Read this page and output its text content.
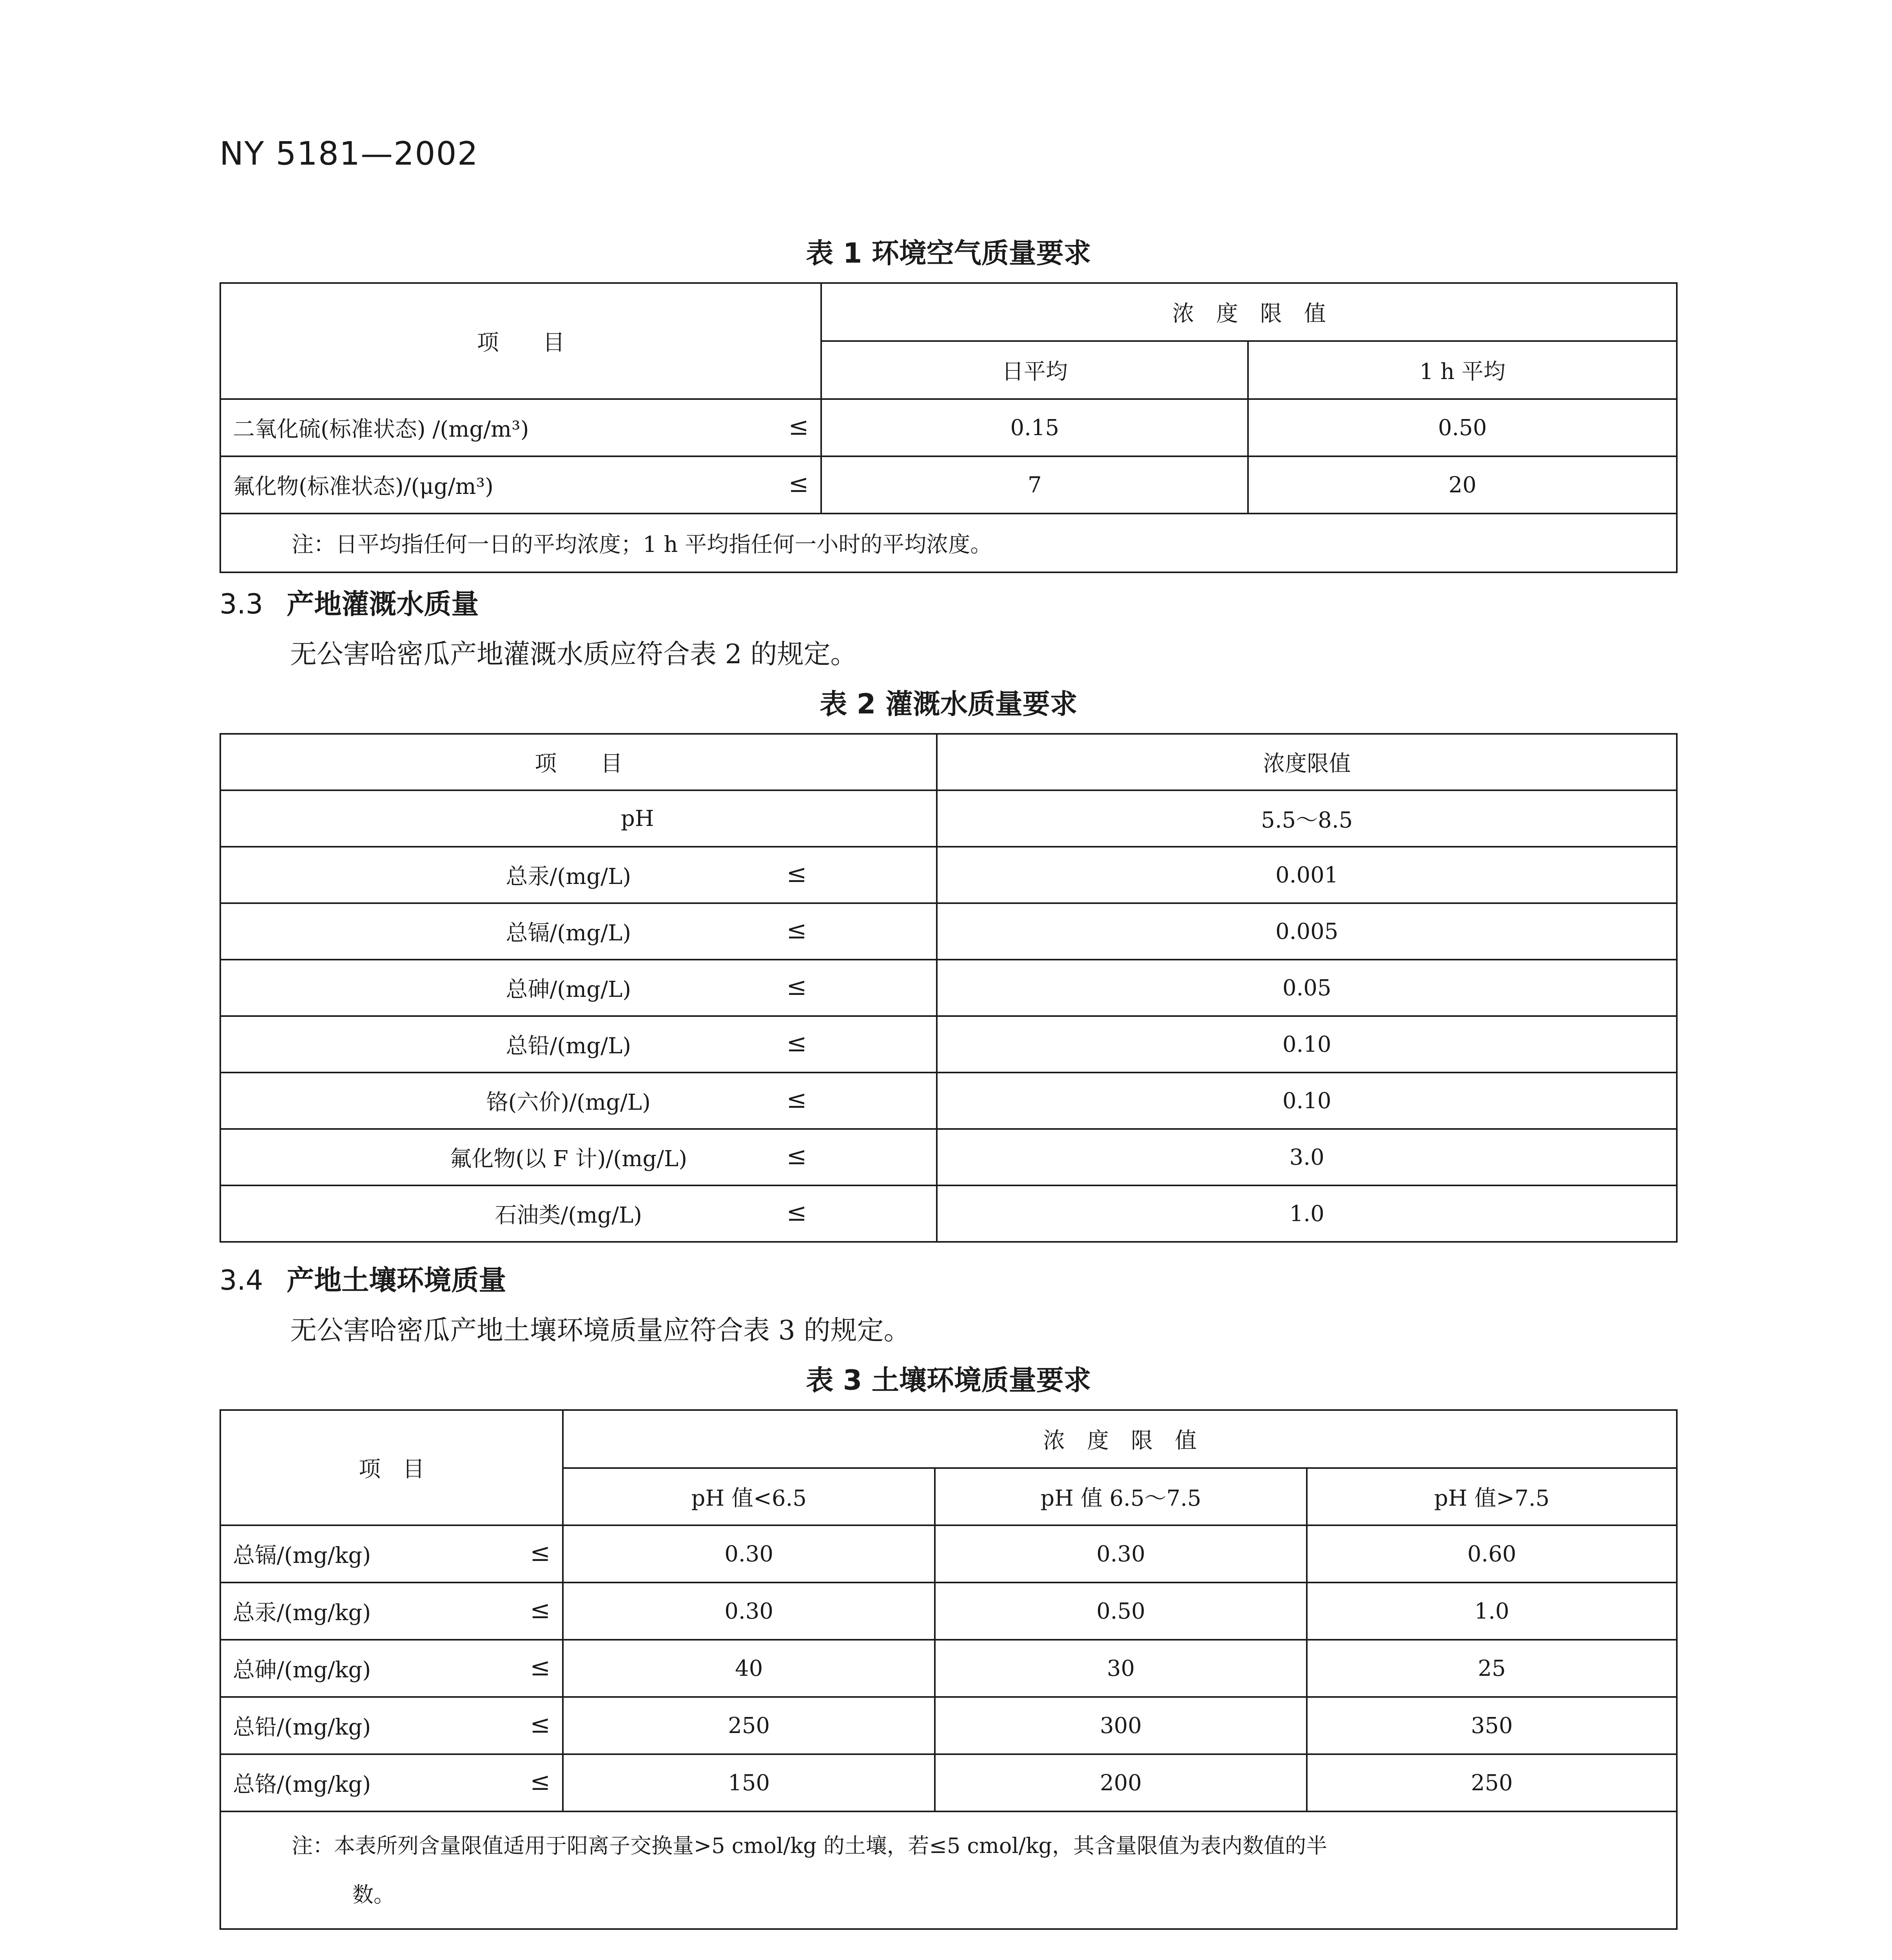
NY 5181—2002
表 1 环境空气质量要求
项　　目	浓　度　限　值	
	日平均	1 h 平均

≤
二氧化硫(标准状态) /(mg/m³)	0.15	0.50

≤
氟化物(标准状态)/(μg/m³)	7	20
注：日平均指任何一日的平均浓度；1 h 平均指任何一小时的平均浓度。		
3.3 产地灌溉水质量
无公害哈密瓜产地灌溉水质应符合表 2 的规定。
表 2 灌溉水质量要求
项　　目	浓度限值

pH	5.5～8.5

≤
总汞/(mg/L)	0.001

≤
总镉/(mg/L)	0.005

≤
总砷/(mg/L)	0.05

≤
总铅/(mg/L)	0.10

≤
铬(六价)/(mg/L)	0.10

≤
氟化物(以 F 计)/(mg/L)	3.0

≤
石油类/(mg/L)	1.0
3.4 产地土壤环境质量
无公害哈密瓜产地土壤环境质量应符合表 3 的规定。
表 3 土壤环境质量要求
项　目	浓　度　限　值		
	pH 值<6.5	pH 值 6.5～7.5	pH 值>7.5

≤
总镉/(mg/kg)	0.30	0.30	0.60

≤
总汞/(mg/kg)	0.30	0.50	1.0

≤
总砷/(mg/kg)	40	30	25

≤
总铅/(mg/kg)	250	300	350

≤
总铬/(mg/kg)	150	200	250

注：本表所列含量限值适用于阳离子交换量>5 cmol/kg 的土壤，若≤5 cmol/kg，其含量限值为表内数值的半
数。			
